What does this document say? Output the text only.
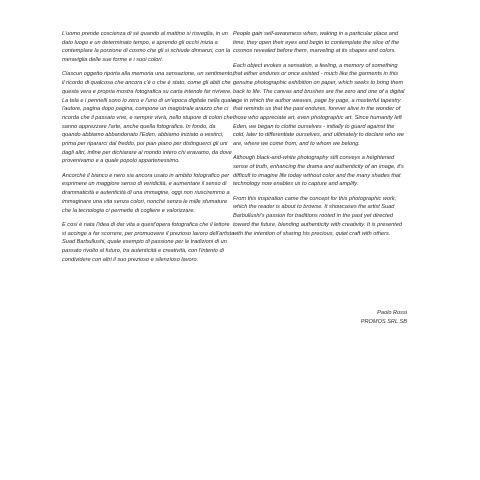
L'uomo prende coscienza di sé quando al mattino si risveglia, in un dato luogo e un determinato tempo, e aprendo gli occhi inizia a contemplare la porzione di cosmo che gli si schiude dinnanzi, con la meraviglia delle sue forme e i suoi colori.

Ciascun oggetto riporta alla memoria una sensazione, un sentimento, il ricordo di qualcosa che ancora c'è o che è stato, come gli abiti che questa vera e propria mostra fotografica su carta intende far rivivere. La tela e i pennelli sono lo zero e l'uno di un'epoca digitale nella quale l'autore, pagina dopo pagina, compone un magistrale arazzo che ci ricorda che il passato vive, e sempre vivrà, nello stupore di colori che sanno apprezzare l'arte, anche quella fotografica. In fondo, da quando abbiamo abbandonato l'Eden, abbiamo iniziato a vestirci, prima per ripararci dal freddo, poi pian piano per distinguerci gli uni dagli altri, infine per dichiarare al mondo intero chi eravamo, da dove provenivamo e a quale popolo appartenessimo.

Ancorché il bianco e nero sia ancora usato in ambito fotografico per esprimere un maggiore senso di veridicità, e aumentare il senso di drammaticità e autenticità di una immagine, oggi non riusciremmo a immaginare una vita senza colori, nonché senza le mille sfumature che la tecnologia ci permette di cogliere e valorizzare.

E così è nata l'idea di dar vita a quest'opera fotografica che il lettore si accinge a far scorrere, per promuovere il prezioso lavoro dell'artista Suad Barbullushi, quale esempio di passione per le tradizioni di un passato rivolto al futuro, tra autenticità e creatività, con l'intento di condividere con altri il suo prezioso e silenzioso lavoro.

People gain self-awareness when, waking in a particular place and time, they open their eyes and begin to contemplate the slice of the cosmos revealed before them, marveling at its shapes and colors.

Each object evokes a sensation, a feeling, a memory of something that either endures or once existed - much like the garments in this genuine photographic exhibition on paper, which seeks to bring them back to life. The canvas and brushes are the zero and one of a digital age in which the author weaves, page by page, a masterful tapestry that reminds us that the past endures, forever alive in the wonder of those who appreciate art, even photographic art. Since humanity left Eden, we began to clothe ourselves - initially to guard against the cold, later to differentiate ourselves, and ultimately to declare who we are, where we come from, and to whom we belong.

Although black-and-white photography still conveys a heightened sense of truth, enhancing the drama and authenticity of an image, it's difficult to imagine life today without color and the many shades that technology now enables us to capture and amplify.

From this inspiration came the concept for this photographic work, which the reader is about to browse. It showcases the artist Suad Barbullushi's passion for traditions rooted in the past yet directed toward the future, blending authenticity with creativity. It is presented with the intention of sharing his precious, quiet craft with others.

Paolo Rossi
PROMOS SRL SB
